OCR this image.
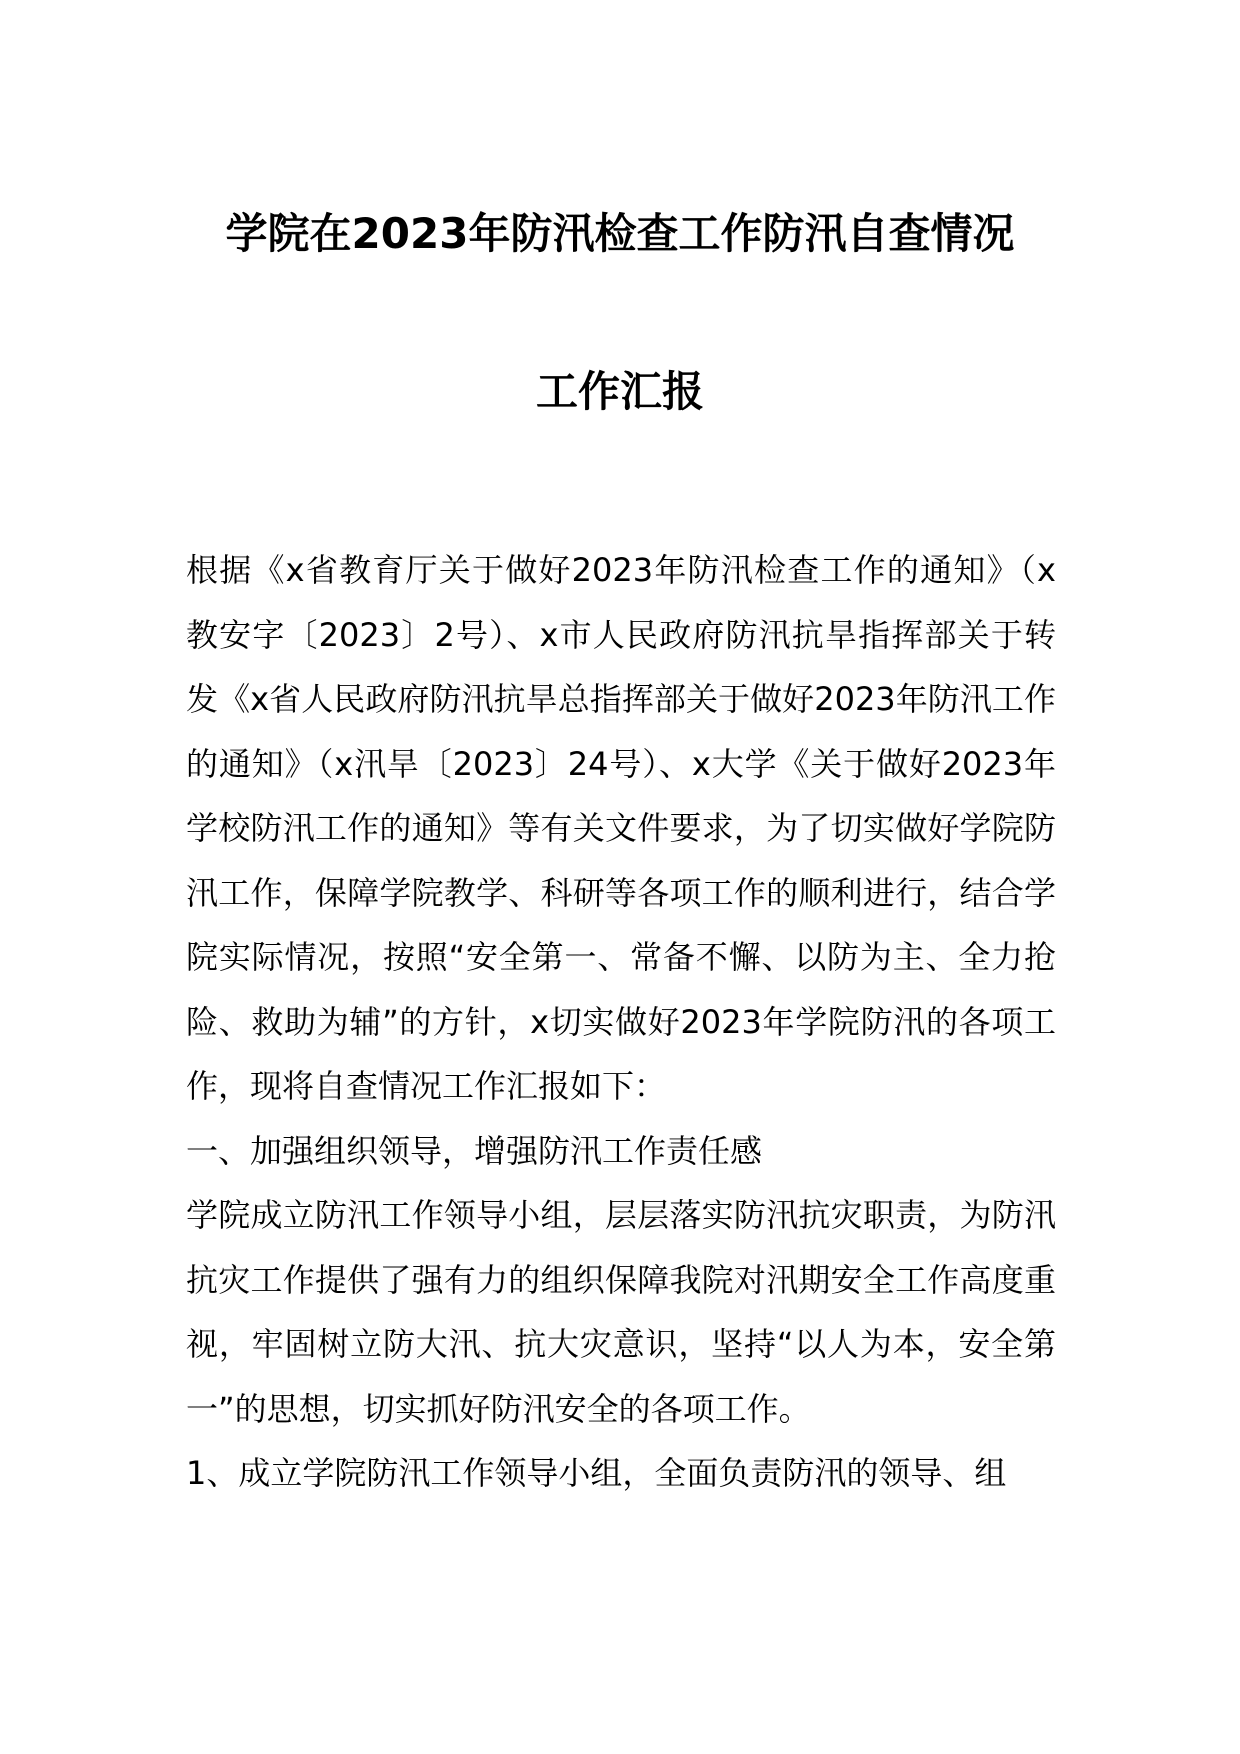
学院在2023年防汛检查工作防汛自查情况
工作汇报

根据《x省教育厅关于做好2023年防汛检查工作的通知》（x教安字〔2023〕2号）、x市人民政府防汛抗旱指挥部关于转发《x省人民政府防汛抗旱总指挥部关于做好2023年防汛工作的通知》（x汛旱〔2023〕24号）、x大学《关于做好2023年学校防汛工作的通知》等有关文件要求，为了切实做好学院防汛工作，保障学院教学、科研等各项工作的顺利进行，结合学院实际情况，按照“安全第一、常备不懈、以防为主、全力抢险、救助为辅”的方针，x切实做好2023年学院防汛的各项工作，现将自查情况工作汇报如下：

一、加强组织领导，增强防汛工作责任感

学院成立防汛工作领导小组，层层落实防汛抗灾职责，为防汛抗灾工作提供了强有力的组织保障我院对汛期安全工作高度重视，牢固树立防大汛、抗大灾意识，坚持“以人为本，安全第一”的思想，切实抓好防汛安全的各项工作。

1、成立学院防汛工作领导小组，全面负责防汛的领导、组
